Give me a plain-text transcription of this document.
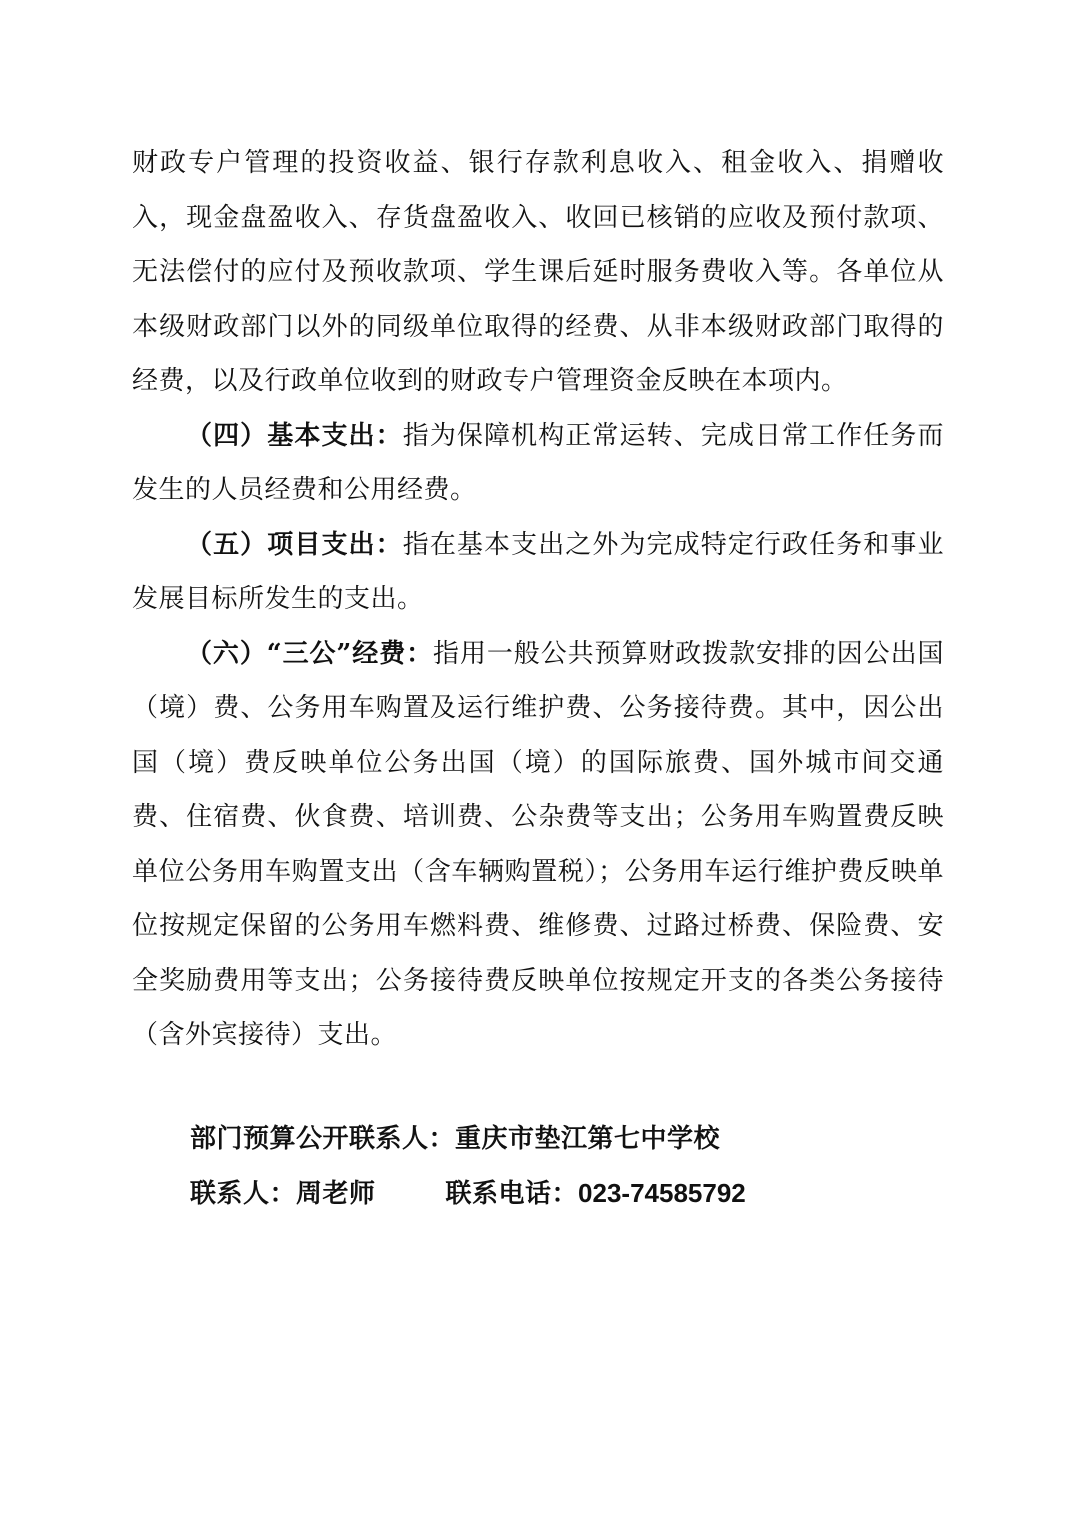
财政专户管理的投资收益、银行存款利息收入、租金收入、捐赠收入，现金盘盈收入、存货盘盈收入、收回已核销的应收及预付款项、无法偿付的应付及预收款项、学生课后延时服务费收入等。各单位从本级财政部门以外的同级单位取得的经费、从非本级财政部门取得的经费，以及行政单位收到的财政专户管理资金反映在本项内。

（四）基本支出：指为保障机构正常运转、完成日常工作任务而发生的人员经费和公用经费。

（五）项目支出：指在基本支出之外为完成特定行政任务和事业发展目标所发生的支出。

（六）“三公”经费：指用一般公共预算财政拨款安排的因公出国（境）费、公务用车购置及运行维护费、公务接待费。其中，因公出国（境）费反映单位公务出国（境）的国际旅费、国外城市间交通费、住宿费、伙食费、培训费、公杂费等支出；公务用车购置费反映单位公务用车购置支出（含车辆购置税）；公务用车运行维护费反映单位按规定保留的公务用车燃料费、维修费、过路过桥费、保险费、安全奖励费用等支出；公务接待费反映单位按规定开支的各类公务接待（含外宾接待）支出。

部门预算公开联系人：重庆市垫江第七中学校
联系人：周老师	联系电话：023-74585792
